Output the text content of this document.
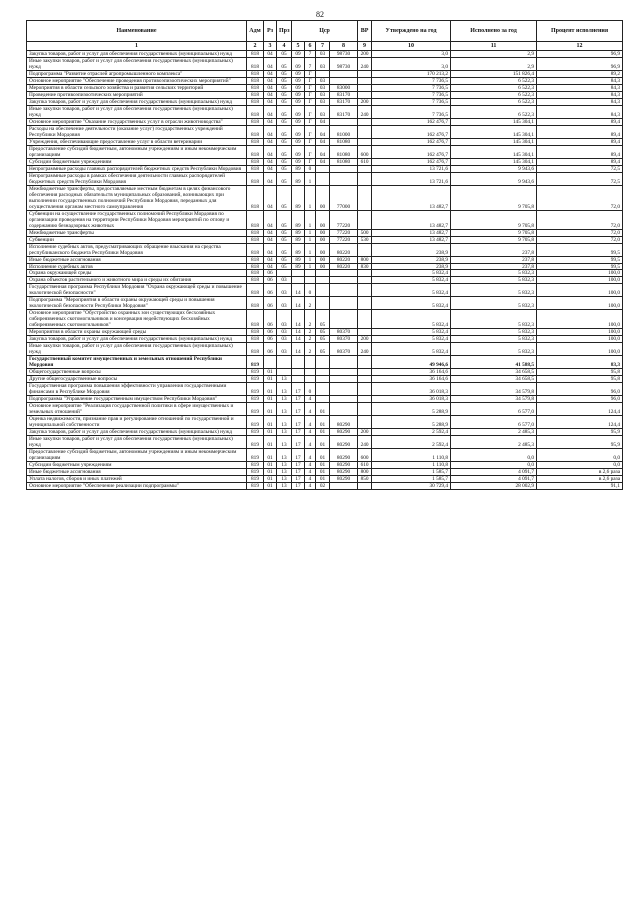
82
Наименование	Адм	Рз	Прз	Цср				ВР	Утверждено на год	Исполнено за год	Процент исполнения
1	2	3	4	5	6	7	8	9	10	11	12
Закупка товаров, работ и услуг для обеспечения государственных (муниципальных) нужд	818	04	05	09	7	03	98730	200	3,0	2,9	96,9
Иные закупки товаров, работ и услуг для обеспечения государственных (муниципальных) нужд	818	04	05	09	7	03	98730	240	3,0	2,9	96,9
Подпрограмма "Развитие отраслей агропромышленного комплекса"	818	04	05	09	Г				170 213,2	151 826,4	89,2
Основное мероприятие "Обеспечение проведения противоэпизоотических мероприятий"	818	04	05	09	Г	03			7 736,5	6 522,3	84,3
Мероприятия в области сельского хозяйства и развития сельских территорий	818	04	05	09	Г	03	83000		7 736,5	6 522,3	84,3
Проведение противоэпизоотических мероприятий	818	04	05	09	Г	03	83170		7 736,5	6 522,3	84,3
Закупка товаров, работ и услуг для обеспечения государственных (муниципальных) нужд	818	04	05	09	Г	03	83170	200	7 736,5	6 522,3	84,3
Иные закупки товаров, работ и услуг для обеспечения государственных (муниципальных) нужд	818	04	05	09	Г	03	83170	240	7 736,5	6 522,3	84,3
Основное мероприятие "Оказание государственных услуг в отрасли животноводства"	818	04	05	09	Г	04			162 476,7	145 304,1	89,4
Расходы на обеспечение деятельности (оказание услуг) государственных учреждений Республики Мордовия	818	04	05	09	Г	04	81000		162 476,7	145 304,1	89,4
Учреждения, обеспечивающие предоставление услуг в области ветеринарии	818	04	05	09	Г	04	81080		162 476,7	145 304,1	89,4
Предоставление субсидий бюджетным, автономным учреждениям и иным некоммерческим организациям	818	04	05	09	Г	04	81080	600	162 476,7	145 304,1	89,4
Субсидии бюджетным учреждениям	818	04	05	09	Г	04	81080	610	162 476,7	145 304,1	89,4
Непрограммные расходы главных распорядителей бюджетных средств Республики Мордовия	818	04	05	89	0				13 721,6	9 943,6	72,5
Непрограммные расходы в рамках обеспечения деятельности главных распорядителей бюджетных средств Республики Мордовия	818	04	05	89	1				13 721,6	9 943,6	72,5
Межбюджетные трансферты, предоставляемые местным бюджетам в целях финансового обеспечения расходных обязательств муниципальных образований, возникающих при выполнении государственных полномочий Республики Мордовия, переданных для осуществления органам местного самоуправления	818	04	05	89	1	00	77000		13 482,7	9 705,8	72,0
Субвенции на осуществление государственных полномочий Республики Мордовия по организации проведения на территории Республики Мордовия мероприятий по отлову и содержанию безнадзорных животных	818	04	05	89	1	00	77220		13 482,7	9 705,8	72,0
Межбюджетные трансферты	818	04	05	89	1	00	77220	500	13 482,7	9 705,8	72,0
Субвенции	818	04	05	89	1	00	77220	530	13 482,7	9 705,8	72,0
Исполнение судебных актов, предусматривающих обращение взыскания на средства республиканского бюджета Республики Мордовия	818	04	05	89	1	00	80220		238,9	237,8	99,5
Иные бюджетные ассигнования	818	04	05	89	1	00	80220	800	238,9	237,8	99,5
Исполнение судебных актов	818	04	05	89	1	00	80220	830	238,9	237,8	99,5
Охрана окружающей среды	818	06							5 832,4	5 832,3	100,0
Охрана объектов растительного и животного мира и среды их обитания	818	06	03						5 832,4	5 832,3	100,0
Государственная программа Республики Мордовия "Охрана окружающей среды и повышение экологической безопасности"	818	06	03	14	0				5 832,4	5 832,3	100,0
Подпрограмма "Мероприятия в области охраны окружающей среды и повышения экологической безопасности Республики Мордовия"	818	06	03	14	2				5 832,4	5 832,3	100,0
Основное мероприятие "Обустройство охранных зон существующих бесхозяйных сибиреязвенных скотомогильников и консервация недействующих бесхозяйных сибиреязвенных скотомогильников"	818	06	03	14	2	05			5 832,4	5 832,3	100,0
Мероприятия в области охраны окружающей среды	818	06	03	14	2	05	80370		5 832,4	5 832,3	100,0
Закупка товаров, работ и услуг для обеспечения государственных (муниципальных) нужд	818	06	03	14	2	05	80370	200	5 832,4	5 832,3	100,0
Иные закупки товаров, работ и услуг для обеспечения государственных (муниципальных) нужд	818	06	03	14	2	05	80370	240	5 832,4	5 832,3	100,0
Государственный комитет имущественных и земельных отношений Республики Мордовия	819								49 946,6	41 588,5	83,3
Общегосударственные вопросы	819	01							36 164,6	34 658,5	95,8
Другие общегосударственные вопросы	819	01	13						36 164,6	34 658,5	95,8
Государственная программа повышения эффективности управления государственными финансами в Республике Мордовия	819	01	13	17	0				36 018,3	34 579,8	96,0
Подпрограмма "Управление государственным имуществом Республики Мордовия"	819	01	13	17	4				36 018,3	34 579,8	96,0
Основное мероприятие "Реализация государственной политики в сфере имущественных и земельных отношений"	819	01	13	17	4	01			5 288,9	6 577,0	124,4
Оценка недвижимости, признание прав и регулирование отношений по государственной и муниципальной собственности	819	01	13	17	4	01	80290		5 288,9	6 577,0	124,4
Закупка товаров, работ и услуг для обеспечения государственных (муниципальных) нужд	819	01	13	17	4	01	80290	200	2 592,4	2 485,3	95,9
Иные закупки товаров, работ и услуг для обеспечения государственных (муниципальных) нужд	819	01	13	17	4	01	80290	240	2 592,4	2 485,3	95,9
Предоставление субсидий бюджетным, автономным учреждениям и иным некоммерческим организациям	819	01	13	17	4	01	80290	600	1 110,8	0,0	0,0
Субсидии бюджетным учреждениям	819	01	13	17	4	01	80290	610	1 110,8	0,0	0,0
Иные бюджетные ассигнования	819	01	13	17	4	01	80290	800	1 585,7	4 091,7	в 2,6 раза
Уплата налогов, сборов и иных платежей	819	01	13	17	4	01	80290	850	1 585,7	4 091,7	в 2,6 раза
Основное мероприятие "Обеспечение реализации подпрограммы"	819	01	13	17	4	02			30 729,4	28 002,9	91,1
